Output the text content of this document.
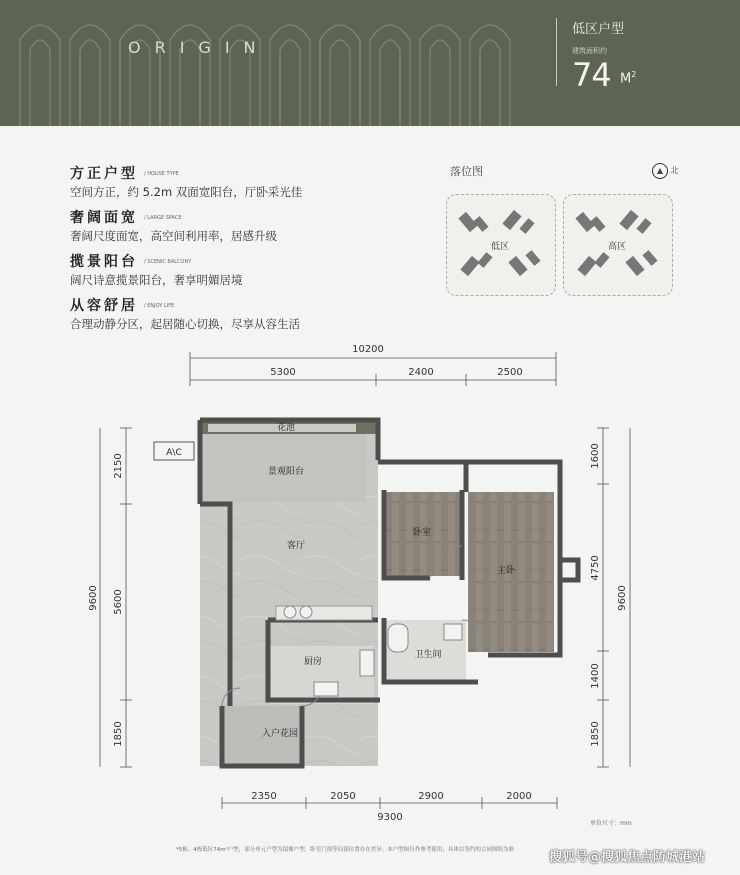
ORIGIN
低区户型
建筑面积约
74 $M^2$
方正户型 / HOUSE TYPE
空间方正，约 5.2m 双面宽阳台，厅卧采光佳
奢阔面宽 / LARGE SPACE
奢阔尺度面宽，高空间利用率，居感升级
揽景阳台 / SCENIC BALCONY
阔尺诗意揽景阳台，奢享明媚居境
从容舒居 / ENJOY LIFE
合理动静分区，起居随心切换，尽享从容生活
落位图	▲ 北
低区	高区
10200
5300	2400	2500
2350	2050	2900	2000
9300
2150
5600
1850
9600
1600
4750
1400
1850
9600
花池
A\C
景观阳台
客厅
卧室
主卧
厨房
卫生间
入户花园
单位尺寸：mm
*5栋、4栋低区74m²户型，部分单元户型为镜像户型，卧室门窗等局部位置存在差异；本户型图仅作参考使用，具体以签约的合同图纸为准	搜狐号@搜狐焦点防城港站
